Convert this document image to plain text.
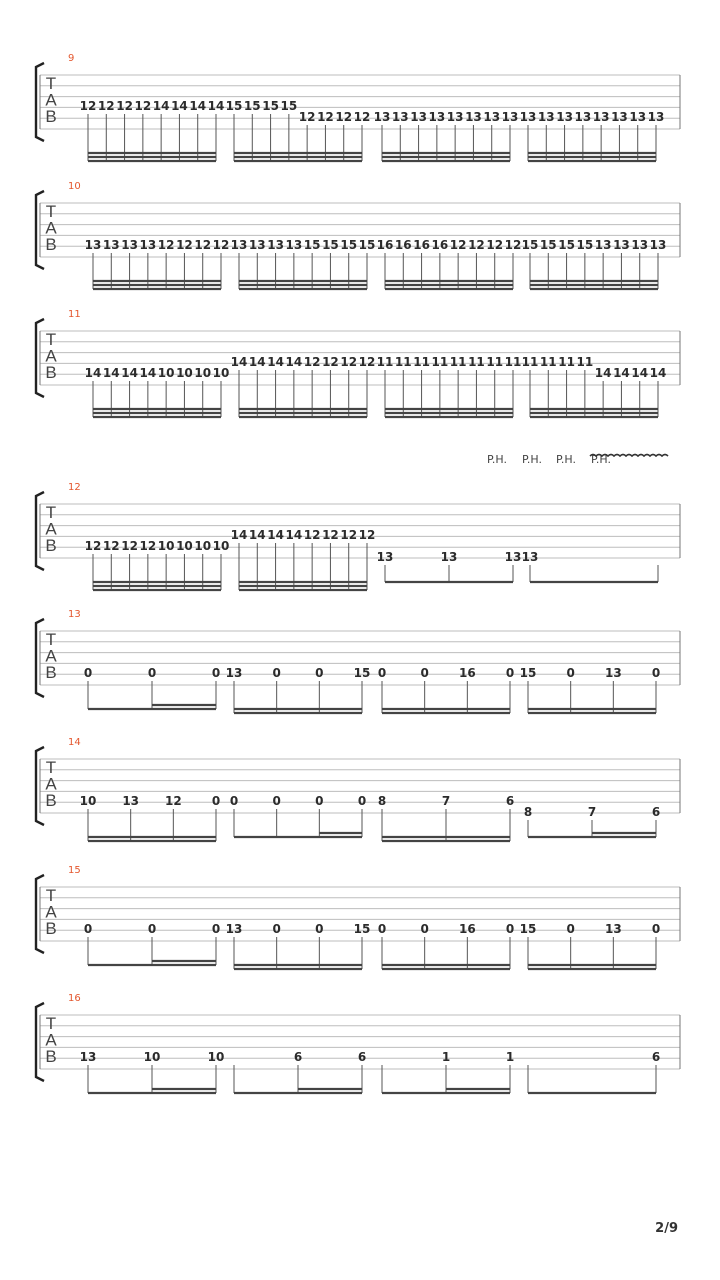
T
A
B
9
12 12 12 12 14 14 14 14 15 15 15 15
12 12 12 12 13 13 13 13 13 13 13 13 13 13 13 13 13 13 13 13
T
A
B
10
13 13 13 13 12 12 12 12 13 13 13 13 15 15 15 15 16 16 16 16 12 12 12 12 15 15 15 15 13 13 13 13
T
A
B
11
14 14 14 14 10 10 10 10
14 14 14 14 12 12 12 12 11 11 11 11 11 11 11 11 11 11 11 11
14 14 14 14
T
A
B
12
P.H. P.H. P.H. P.H.
12 12 12 12 10 10 10 10
14 14 14 14 12 12 12 12
13	13	13 13
T
A
B
13
0	0	0 13	0	0	15 0	0	16	0 15	0	13	0
T
A
B
14
10 13 12	0 0	0	0	0 8	7	6
8	7	6
T
A
B
15
0	0	0 13	0	0	15 0	0	16	0 15	0	13	0
T
A
B
16
13	10	10	6	6	1	1	6
2/9
